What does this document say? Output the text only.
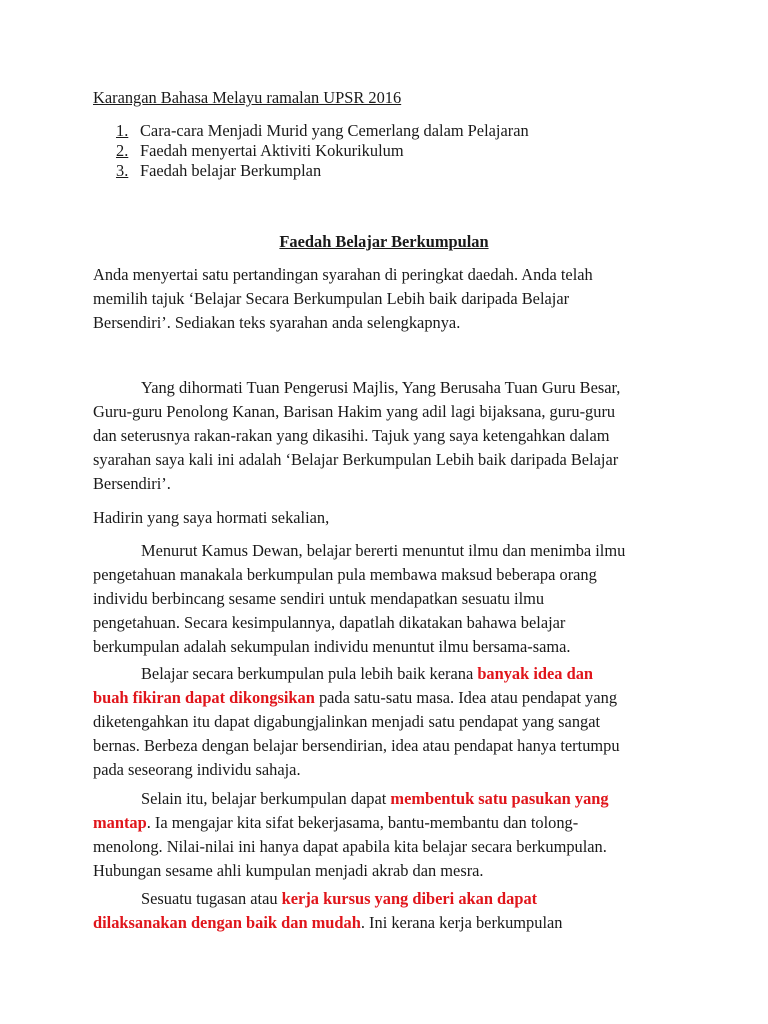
Karangan Bahasa Melayu ramalan UPSR 2016
1. Cara-cara Menjadi Murid yang Cemerlang dalam Pelajaran
2. Faedah menyertai Aktiviti Kokurikulum
3. Faedah belajar Berkumplan
Faedah Belajar Berkumpulan

Anda menyertai satu pertandingan syarahan di peringkat daedah. Anda telah
memilih tajuk ‘Belajar Secara Berkumpulan Lebih baik daripada Belajar
Bersendiri’. Sediakan teks syarahan anda selengkapnya.

Yang dihormati Tuan Pengerusi Majlis, Yang Berusaha Tuan Guru Besar,
Guru-guru Penolong Kanan, Barisan Hakim yang adil lagi bijaksana, guru-guru
dan seterusnya rakan-rakan yang dikasihi. Tajuk yang saya ketengahkan dalam
syarahan saya kali ini adalah ‘Belajar Berkumpulan Lebih baik daripada Belajar
Bersendiri’.

Hadirin yang saya hormati sekalian,

Menurut Kamus Dewan, belajar bererti menuntut ilmu dan menimba ilmu
pengetahuan manakala berkumpulan pula membawa maksud beberapa orang
individu berbincang sesame sendiri untuk mendapatkan sesuatu ilmu
pengetahuan. Secara kesimpulannya, dapatlah dikatakan bahawa belajar
berkumpulan adalah sekumpulan individu menuntut ilmu bersama-sama.

Belajar secara berkumpulan pula lebih baik kerana banyak idea dan
buah fikiran dapat dikongsikan pada satu-satu masa. Idea atau pendapat yang
diketengahkan itu dapat digabungjalinkan menjadi satu pendapat yang sangat
bernas. Berbeza dengan belajar bersendirian, idea atau pendapat hanya tertumpu
pada seseorang individu sahaja.

Selain itu, belajar berkumpulan dapat membentuk satu pasukan yang
mantap. Ia mengajar kita sifat bekerjasama, bantu-membantu dan tolong-
menolong. Nilai-nilai ini hanya dapat apabila kita belajar secara berkumpulan.
Hubungan sesame ahli kumpulan menjadi akrab dan mesra.

Sesuatu tugasan atau kerja kursus yang diberi akan dapat
dilaksanakan dengan baik dan mudah. Ini kerana kerja berkumpulan
